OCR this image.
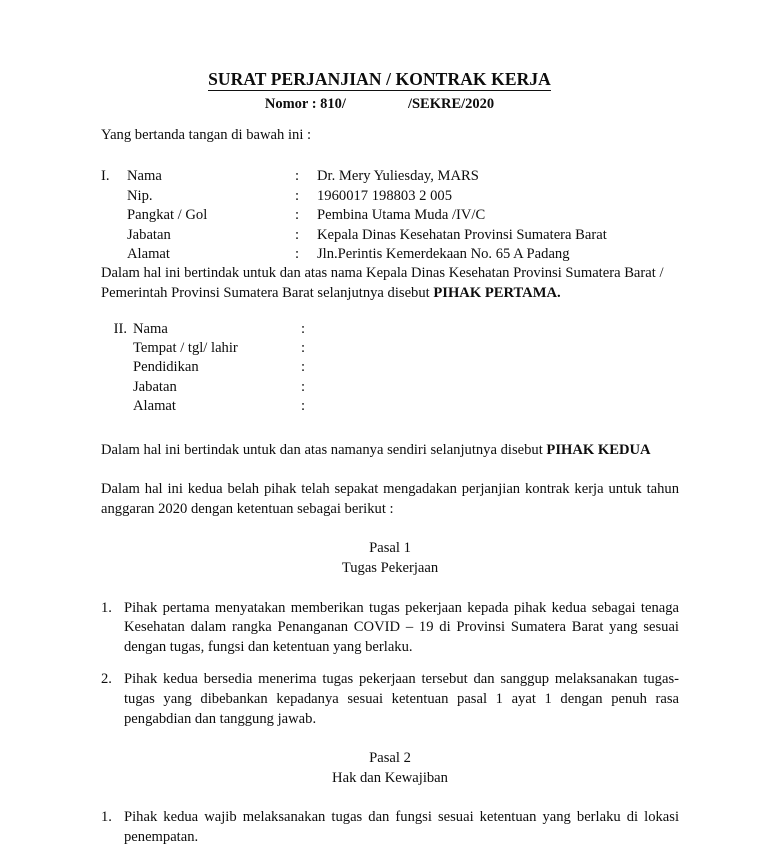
SURAT PERJANJIAN / KONTRAK KERJA
Nomor : 810/	/SEKRE/2020

Yang bertanda tangan di bawah ini :

I.	Nama	:	Dr. Mery Yuliesday, MARS
	Nip.	:	1960017 198803 2 005
	Pangkat / Gol	:	Pembina Utama Muda /IV/C
	Jabatan	:	Kepala Dinas Kesehatan Provinsi Sumatera Barat
	Alamat	:	Jln.Perintis Kemerdekaan No. 65 A Padang

Dalam hal ini bertindak untuk dan atas nama Kepala Dinas Kesehatan Provinsi Sumatera Barat / Pemerintah Provinsi Sumatera Barat selanjutnya disebut PIHAK PERTAMA.

II.	Nama	:	
	Tempat / tgl/ lahir	:	
	Pendidikan	:	
	Jabatan	:	
	Alamat	:	

Dalam hal ini bertindak untuk dan atas namanya sendiri selanjutnya disebut PIHAK KEDUA

Dalam hal ini kedua belah pihak telah sepakat mengadakan perjanjian kontrak kerja untuk tahun anggaran 2020 dengan ketentuan sebagai berikut :

Pasal 1
Tugas Pekerjaan
1. Pihak pertama menyatakan memberikan tugas pekerjaan kepada pihak kedua sebagai tenaga Kesehatan dalam rangka Penanganan COVID – 19 di Provinsi Sumatera Barat yang sesuai dengan tugas, fungsi dan ketentuan yang berlaku.
2. Pihak kedua bersedia menerima tugas pekerjaan tersebut dan sanggup melaksanakan tugas-tugas yang dibebankan kepadanya sesuai ketentuan pasal 1 ayat 1 dengan penuh rasa pengabdian dan tanggung jawab.
Pasal 2
Hak dan Kewajiban
1. Pihak kedua wajib melaksanakan tugas dan fungsi sesuai ketentuan yang berlaku di lokasi penempatan.
